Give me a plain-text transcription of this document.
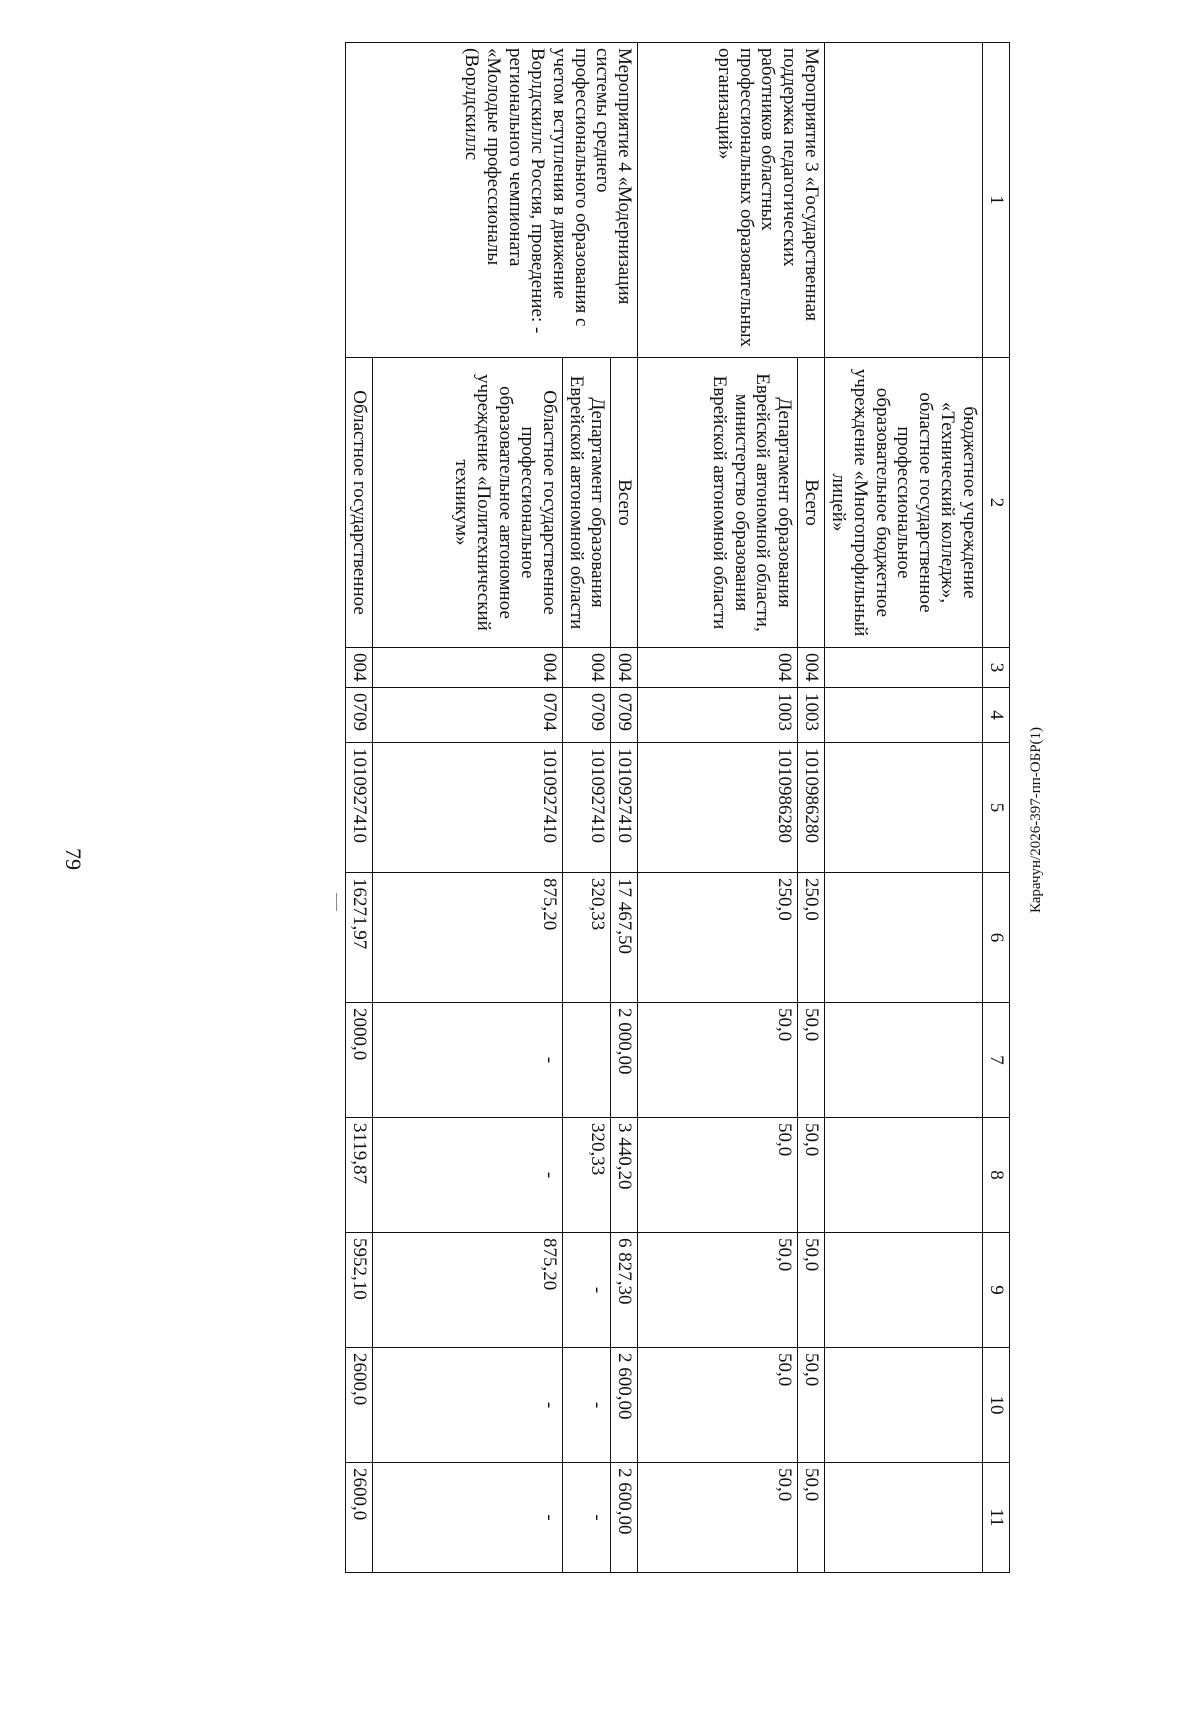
79	Карачун/2026-397-пп-ОБР(1)
1	2	3	4	5	6	7	8	9	10	11
	бюджетное учреждение «Технический колледж», областное государственное профессиональное образовательное бюджетное учреждение «Многопрофильный лицей»									
Мероприятие 3 «Государственная поддержка педагогических работников областных профессиональных образовательных организаций»	Всего	004	1003	1010986280	250,0	50,0	50,0	50,0	50,0	50,0
	Департамент образования Еврейской автономной области, министерство образования Еврейской автономной области	004	1003	1010986280	250,0	50,0	50,0	50,0	50,0	50,0
Мероприятие 4 «Модернизация системы среднего профессионального образования с учетом вступления в движение Ворлдскиллс Россия, проведение: - регионального чемпионата «Молодые профессионалы (Ворлдскиллс	Всего	004	0709	1010927410	17 467,50	2 000,00	3 440,20	6 827,30	2 600,00	2 600,00
	Департамент образования Еврейской автономной области	004	0709	1010927410	320,33		320,33	-	-	-
	Областное государственное профессиональное образовательное автономное учреждение «Политехнический техникум»	004	0704	1010927410	875,20	-	-	875,20	-	-
	Областное государственное	004	0709	1010927410	16271,97	2000,0	3119,87	5952,10	2600,0	2600,0
